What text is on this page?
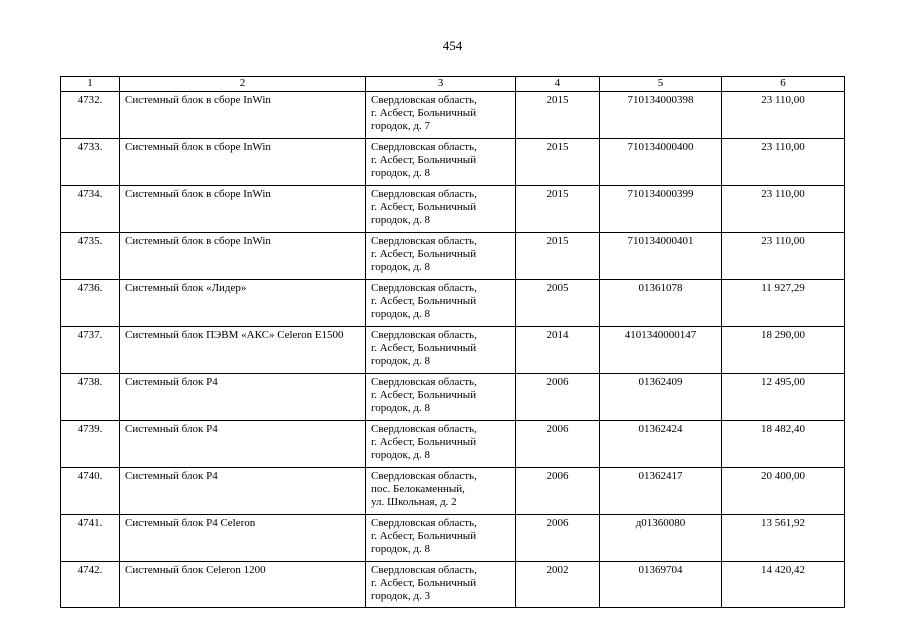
454
1	2	3	4	5	6
4732.	Системный блок в сборе InWin	Свердловская область,
г. Асбест, Больничный
городок, д. 7	2015	710134000398	23 110,00
4733.	Системный блок в сборе InWin	Свердловская область,
г. Асбест, Больничный
городок, д. 8	2015	710134000400	23 110,00
4734.	Системный блок в сборе InWin	Свердловская область,
г. Асбест, Больничный
городок, д. 8	2015	710134000399	23 110,00
4735.	Системный блок в сборе InWin	Свердловская область,
г. Асбест, Больничный
городок, д. 8	2015	710134000401	23 110,00
4736.	Системный блок «Лидер»	Свердловская область,
г. Асбест, Больничный
городок, д. 8	2005	01361078	11 927,29
4737.	Системный блок ПЭВМ «АКС» Celeron E1500	Свердловская область,
г. Асбест, Больничный
городок, д. 8	2014	4101340000147	18 290,00
4738.	Системный блок Р4	Свердловская область,
г. Асбест, Больничный
городок, д. 8	2006	01362409	12 495,00
4739.	Системный блок Р4	Свердловская область,
г. Асбест, Больничный
городок, д. 8	2006	01362424	18 482,40
4740.	Системный блок Р4	Свердловская область,
пос. Белокаменный,
ул. Школьная, д. 2	2006	01362417	20 400,00
4741.	Системный блок Р4 Celeron	Свердловская область,
г. Асбест, Больничный
городок, д. 8	2006	д01360080	13 561,92
4742.	Системный блок Celeron 1200	Свердловская область,
г. Асбест, Больничный
городок, д. 3	2002	01369704	14 420,42
